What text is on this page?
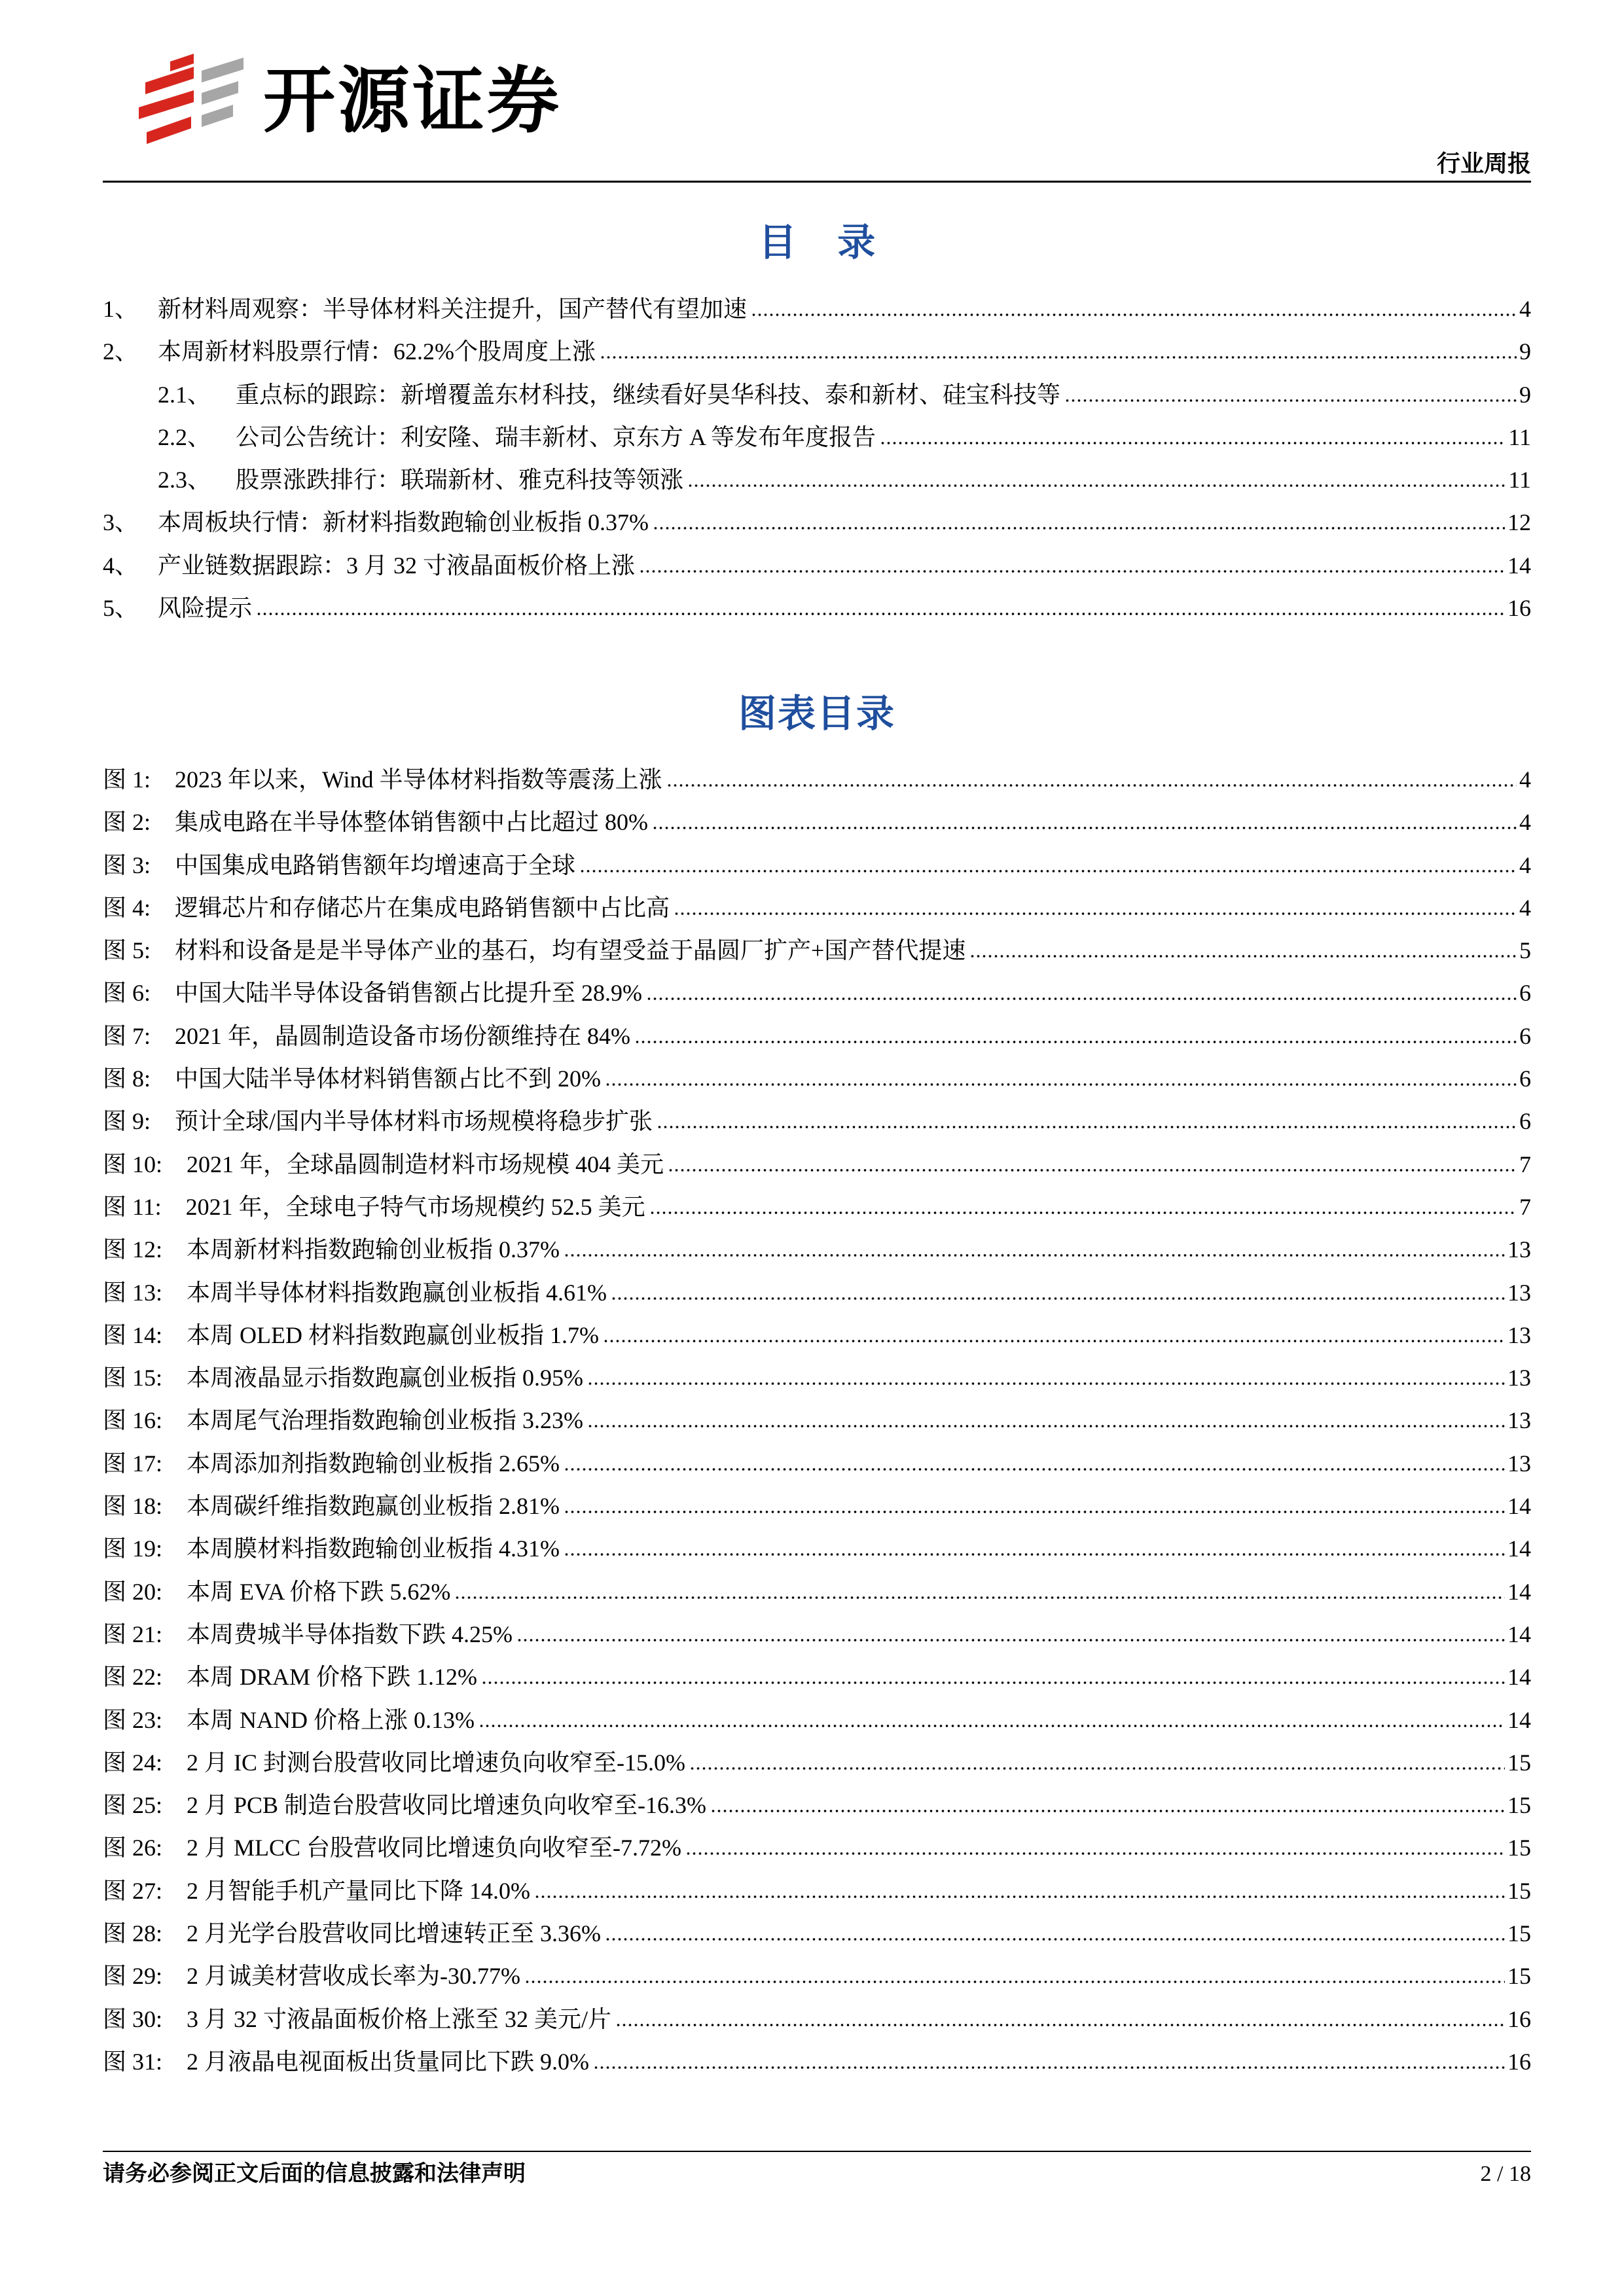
开源证券
行业周报
目 录
1、 新材料周观察：半导体材料关注提升，国产替代有望加速	4
2、 本周新材料股票行情：62.2%个股周度上涨	9
2.1、	重点标的跟踪：新增覆盖东材科技，继续看好昊华科技、泰和新材、硅宝科技等	9
2.2、	公司公告统计：利安隆、瑞丰新材、京东方 A 等发布年度报告	11
2.3、	股票涨跌排行：联瑞新材、雅克科技等领涨	11
3、 本周板块行情：新材料指数跑输创业板指 0.37%	12
4、 产业链数据跟踪：3 月 32 寸液晶面板价格上涨	14
5、 风险提示	16
图表目录
图 1: 2023 年以来，Wind 半导体材料指数等震荡上涨	4
图 2: 集成电路在半导体整体销售额中占比超过 80%	4
图 3: 中国集成电路销售额年均增速高于全球	4
图 4: 逻辑芯片和存储芯片在集成电路销售额中占比高	4
图 5: 材料和设备是是半导体产业的基石，均有望受益于晶圆厂扩产+国产替代提速	5
图 6: 中国大陆半导体设备销售额占比提升至 28.9%	6
图 7: 2021 年，晶圆制造设备市场份额维持在 84%	6
图 8: 中国大陆半导体材料销售额占比不到 20%	6
图 9: 预计全球/国内半导体材料市场规模将稳步扩张	6
图 10: 2021 年，全球晶圆制造材料市场规模 404 美元	7
图 11: 2021 年，全球电子特气市场规模约 52.5 美元	7
图 12: 本周新材料指数跑输创业板指 0.37%	13
图 13: 本周半导体材料指数跑赢创业板指 4.61%	13
图 14: 本周 OLED 材料指数跑赢创业板指 1.7%	13
图 15: 本周液晶显示指数跑赢创业板指 0.95%	13
图 16: 本周尾气治理指数跑输创业板指 3.23%	13
图 17: 本周添加剂指数跑输创业板指 2.65%	13
图 18: 本周碳纤维指数跑赢创业板指 2.81%	14
图 19: 本周膜材料指数跑输创业板指 4.31%	14
图 20: 本周 EVA 价格下跌 5.62%	14
图 21: 本周费城半导体指数下跌 4.25%	14
图 22: 本周 DRAM 价格下跌 1.12%	14
图 23: 本周 NAND 价格上涨 0.13%	14
图 24: 2 月 IC 封测台股营收同比增速负向收窄至-15.0%	15
图 25: 2 月 PCB 制造台股营收同比增速负向收窄至-16.3%	15
图 26: 2 月 MLCC 台股营收同比增速负向收窄至-7.72%	15
图 27: 2 月智能手机产量同比下降 14.0%	15
图 28: 2 月光学台股营收同比增速转正至 3.36%	15
图 29: 2 月诚美材营收成长率为-30.77%	15
图 30: 3 月 32 寸液晶面板价格上涨至 32 美元/片	16
图 31: 2 月液晶电视面板出货量同比下跌 9.0%	16
请务必参阅正文后面的信息披露和法律声明	2 / 18
